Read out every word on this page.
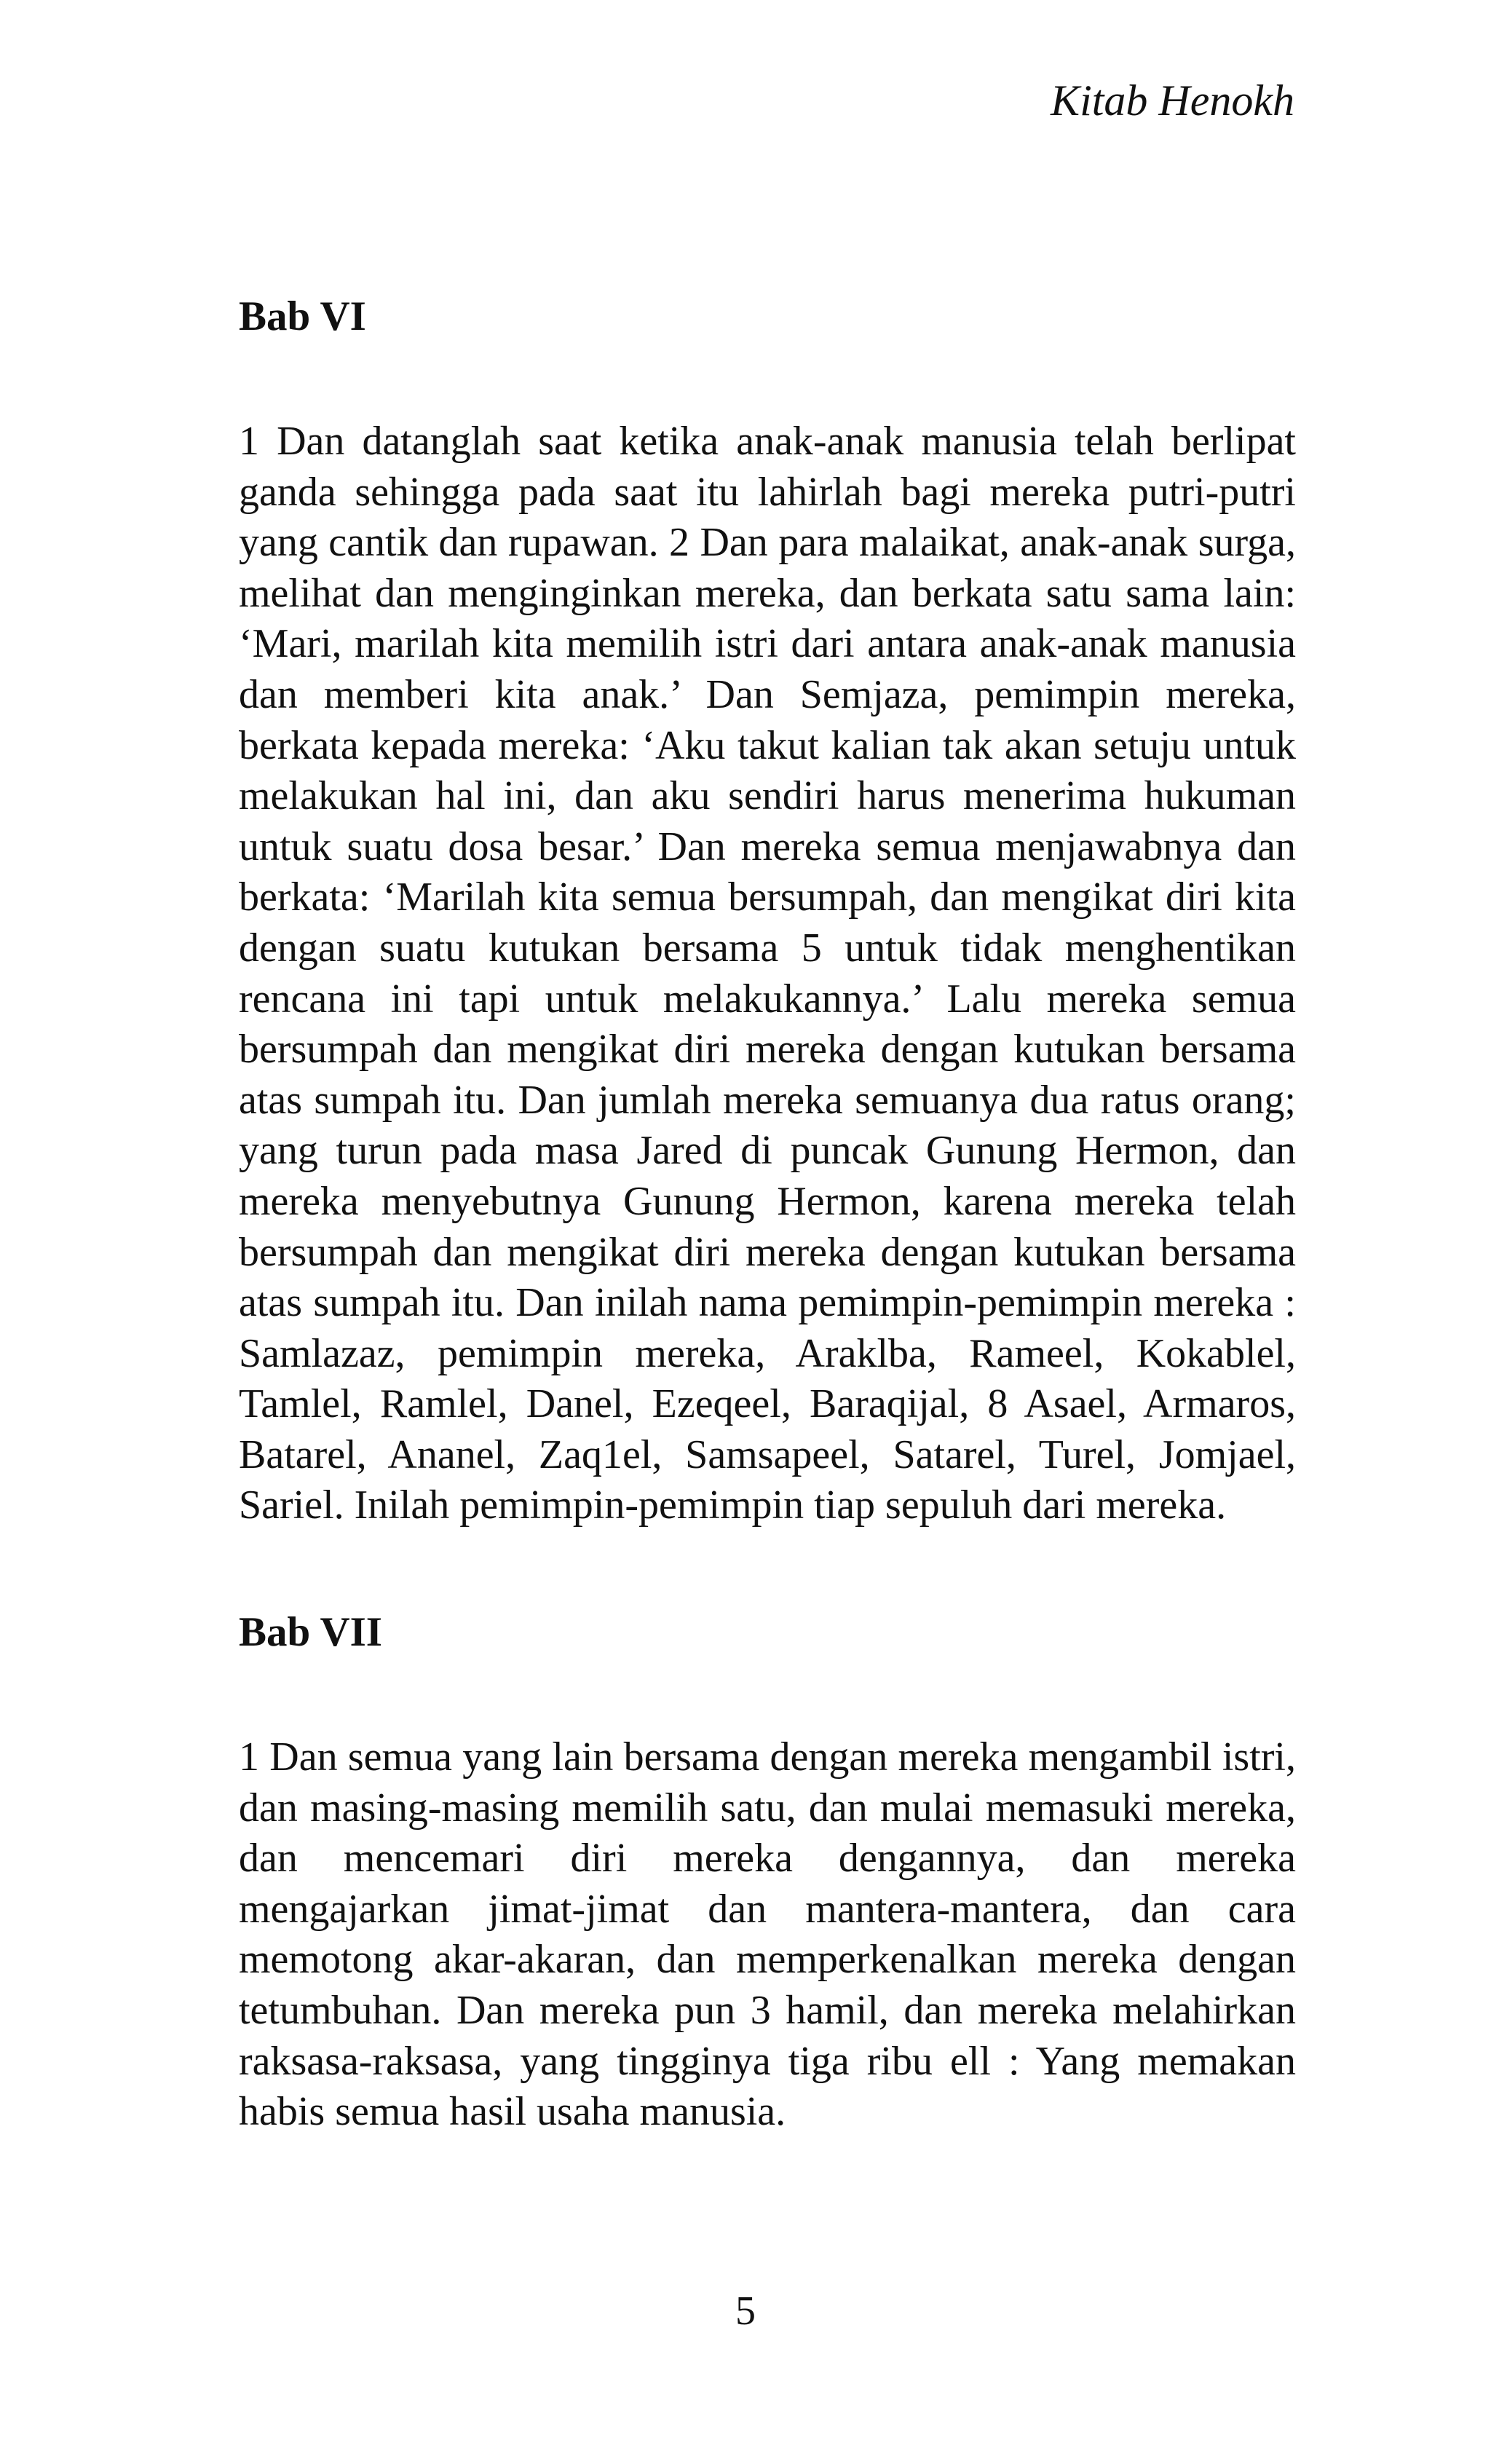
Kitab Henokh
Bab VI

1 Dan datanglah saat ketika anak-anak manusia telah berlipat ganda sehingga pada saat itu lahirlah bagi mereka putri-putri yang cantik dan rupawan. 2 Dan para malaikat, anak-anak surga, melihat dan menginginkan mereka, dan berkata satu sama lain: ‘Mari, marilah kita memilih istri dari antara anak-anak manusia dan memberi kita anak.’ Dan Semjaza, pemimpin mereka, berkata kepada mereka: ‘Aku takut kalian tak akan setuju untuk melakukan hal ini, dan aku sendiri harus menerima hukuman untuk suatu dosa besar.’ Dan mereka semua menjawabnya dan berkata: ‘Marilah kita semua bersumpah, dan mengikat diri kita dengan suatu kutukan bersama 5 untuk tidak menghentikan rencana ini tapi untuk melakukannya.’ Lalu mereka semua bersumpah dan mengikat diri mereka dengan kutukan bersama atas sumpah itu. Dan jumlah mereka semuanya dua ratus orang; yang turun pada masa Jared di puncak Gunung Hermon, dan mereka menyebutnya Gunung Hermon, karena mereka telah bersumpah dan mengikat diri mereka dengan kutukan bersama atas sumpah itu. Dan inilah nama pemimpin-pemimpin mereka : Samlazaz, pemimpin mereka, Araklba, Rameel, Kokablel, Tamlel, Ramlel, Danel, Ezeqeel, Baraqijal, 8 Asael, Armaros, Batarel, Ananel, Zaq1el, Samsapeel, Satarel, Turel, Jomjael, Sariel. Inilah pemimpin-pemimpin tiap sepuluh dari mereka.

Bab VII

1 Dan semua yang lain bersama dengan mereka mengambil istri, dan masing-masing memilih satu, dan mulai memasuki mereka, dan mencemari diri mereka dengannya, dan mereka mengajarkan jimat-jimat dan mantera-mantera, dan cara memotong akar-akaran, dan memperkenalkan mereka dengan tetumbuhan. Dan mereka pun 3 hamil, dan mereka melahirkan raksasa-raksasa, yang tingginya tiga ribu ell : Yang memakan habis semua hasil usaha manusia.

5
